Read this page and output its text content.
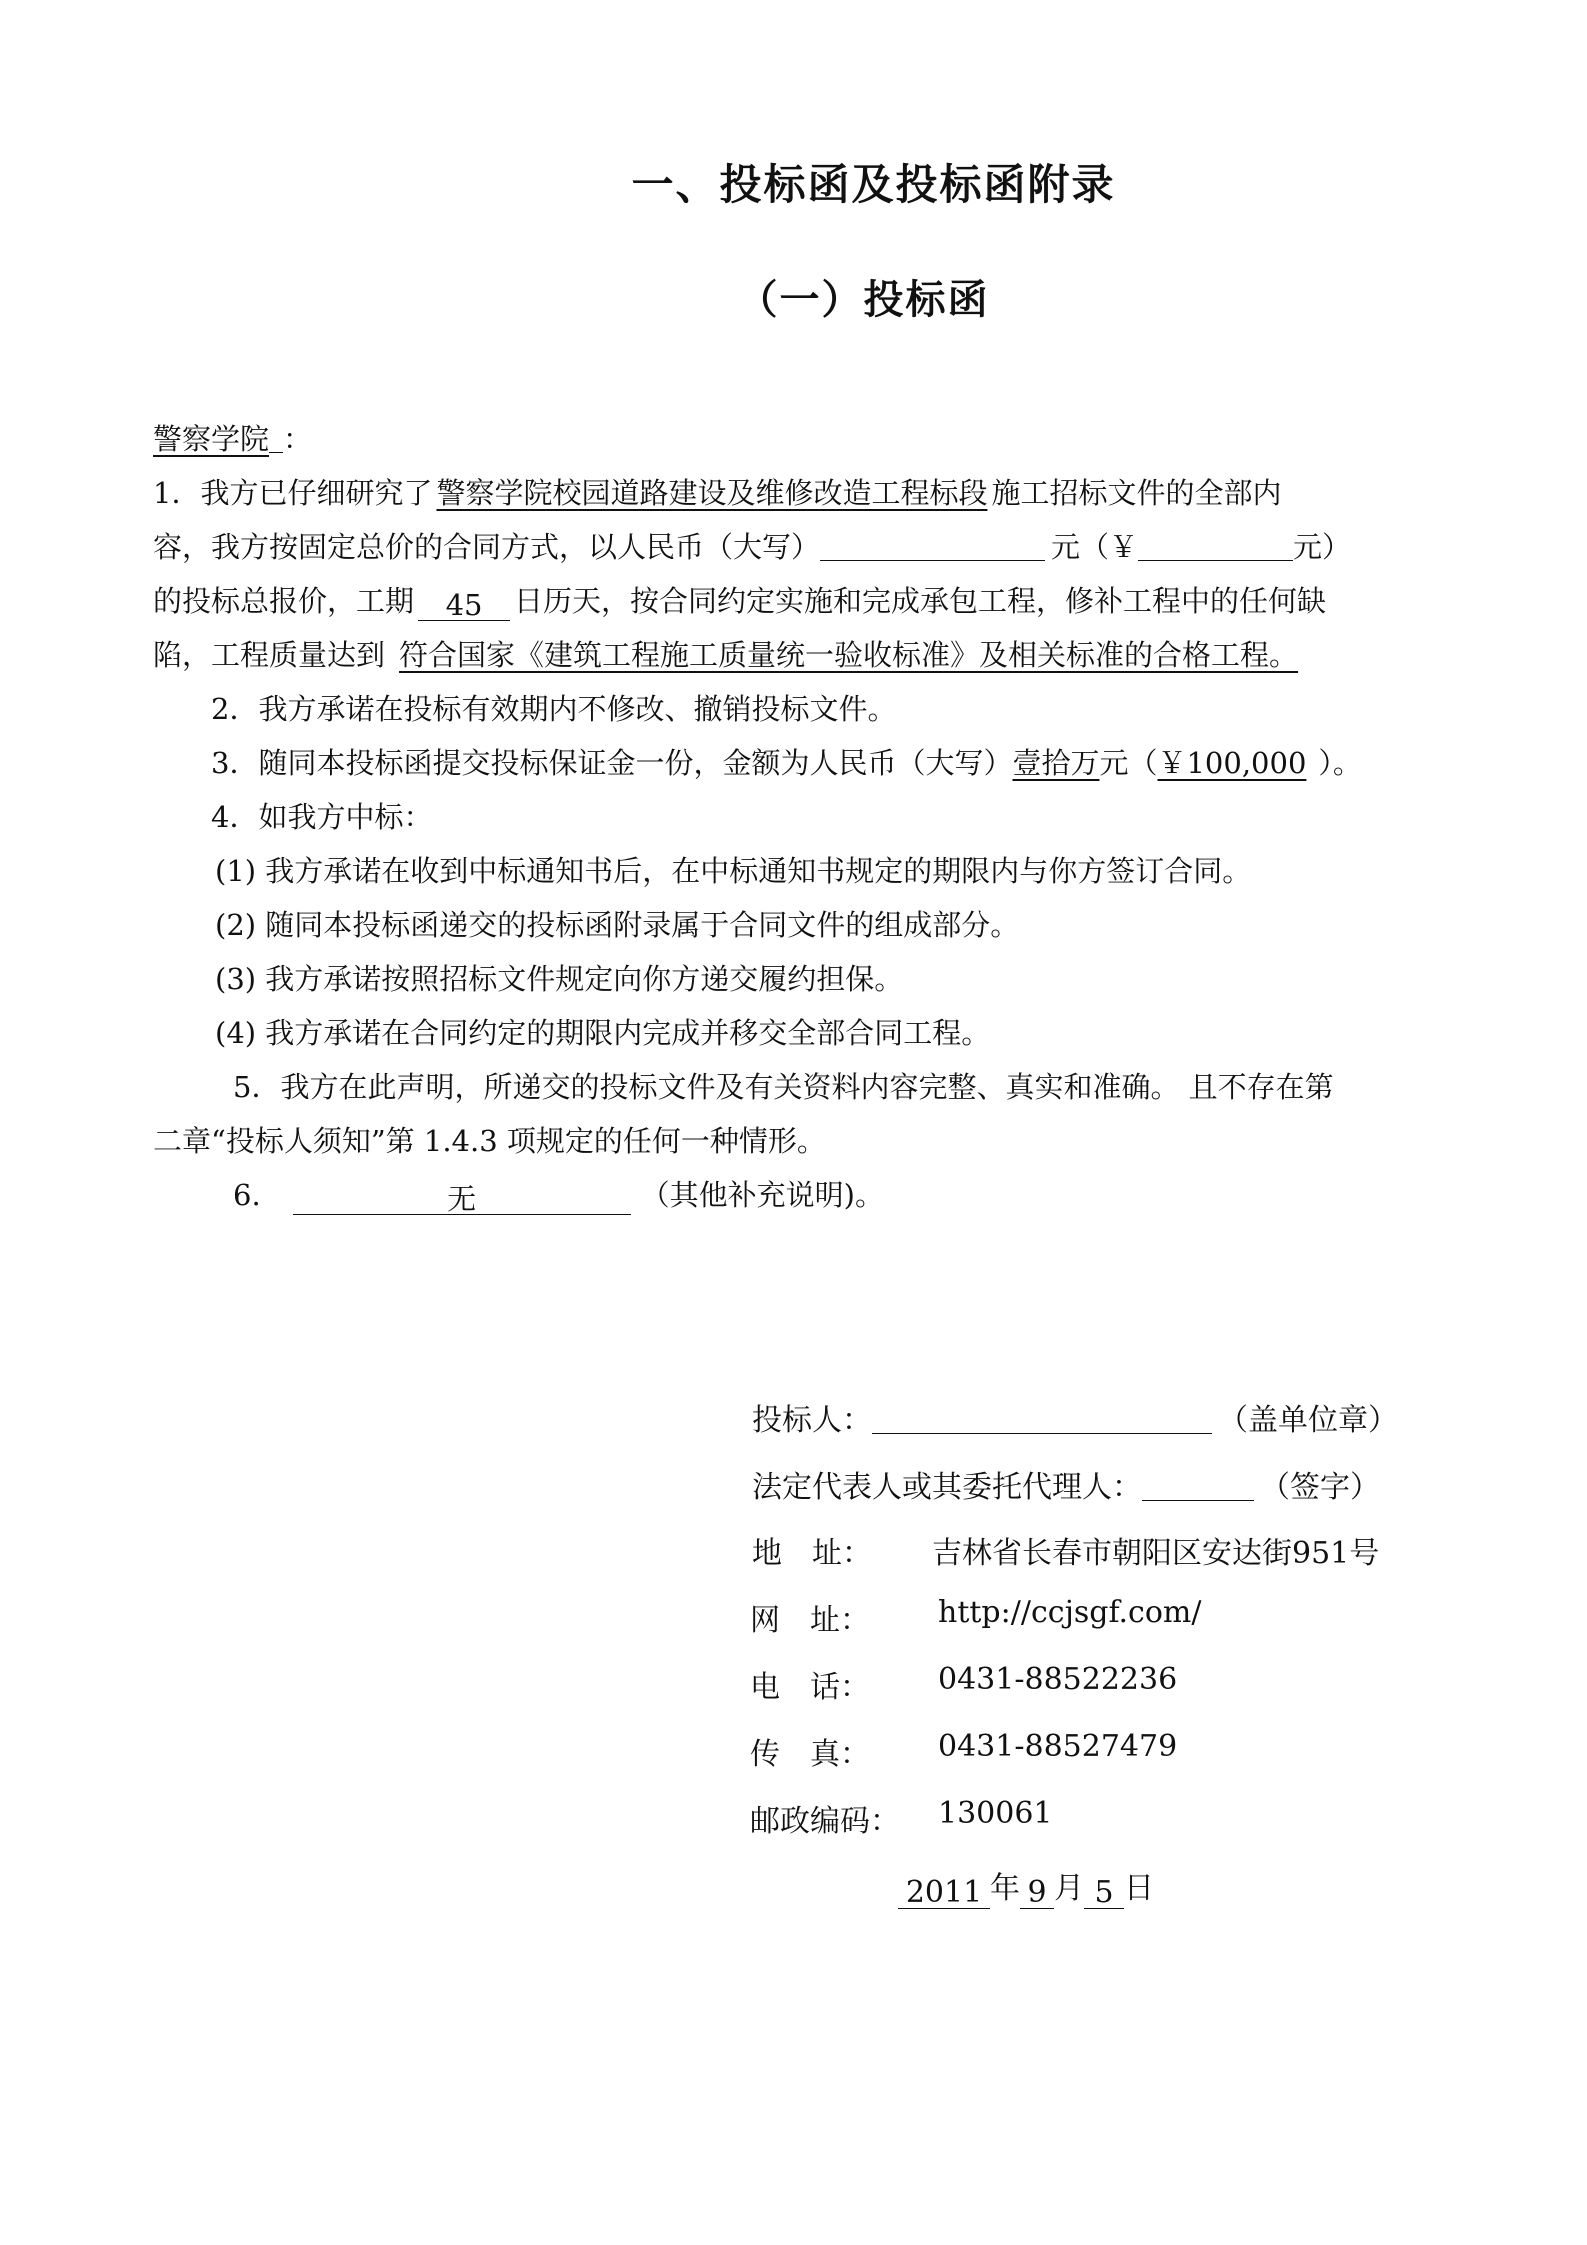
一、投标函及投标函附录
（一）投标函
警察学院 ：
1．我方已仔细研究了 警察学院校园道路建设及维修改造工程标段 施工招标文件的全部内
容，我方按固定总价的合同方式，以人民币（大写）	元（￥	元）
的投标总报价，工期 45 日历天，按合同约定实施和完成承包工程，修补工程中的任何缺
陷，工程质量达到 符合国家《建筑工程施工质量统一验收标准》及相关标准的合格工程。
2．我方承诺在投标有效期内不修改、撤销投标文件。
3．随同本投标函提交投标保证金一份，金额为人民币（大写）壹拾万元（￥100,000 ）。
4．如我方中标：
(1) 我方承诺在收到中标通知书后，在中标通知书规定的期限内与你方签订合同。
(2) 随同本投标函递交的投标函附录属于合同文件的组成部分。
(3) 我方承诺按照招标文件规定向你方递交履约担保。
(4) 我方承诺在合同约定的期限内完成并移交全部合同工程。
5．我方在此声明，所递交的投标文件及有关资料内容完整、真实和准确。 且不存在第
二章“投标人须知”第 1.4.3 项规定的任何一种情形。
6.	无	（其他补充说明)。
投标人：	（盖单位章）
法定代表人或其委托代理人：	（签字）
地　址： 吉林省长春市朝阳区安达街951号
网　址： http://ccjsgf.com/
电　话： 0431-88522236
传　真： 0431-88527479
邮政编码： 130061
2011 年 9 月 5 日
